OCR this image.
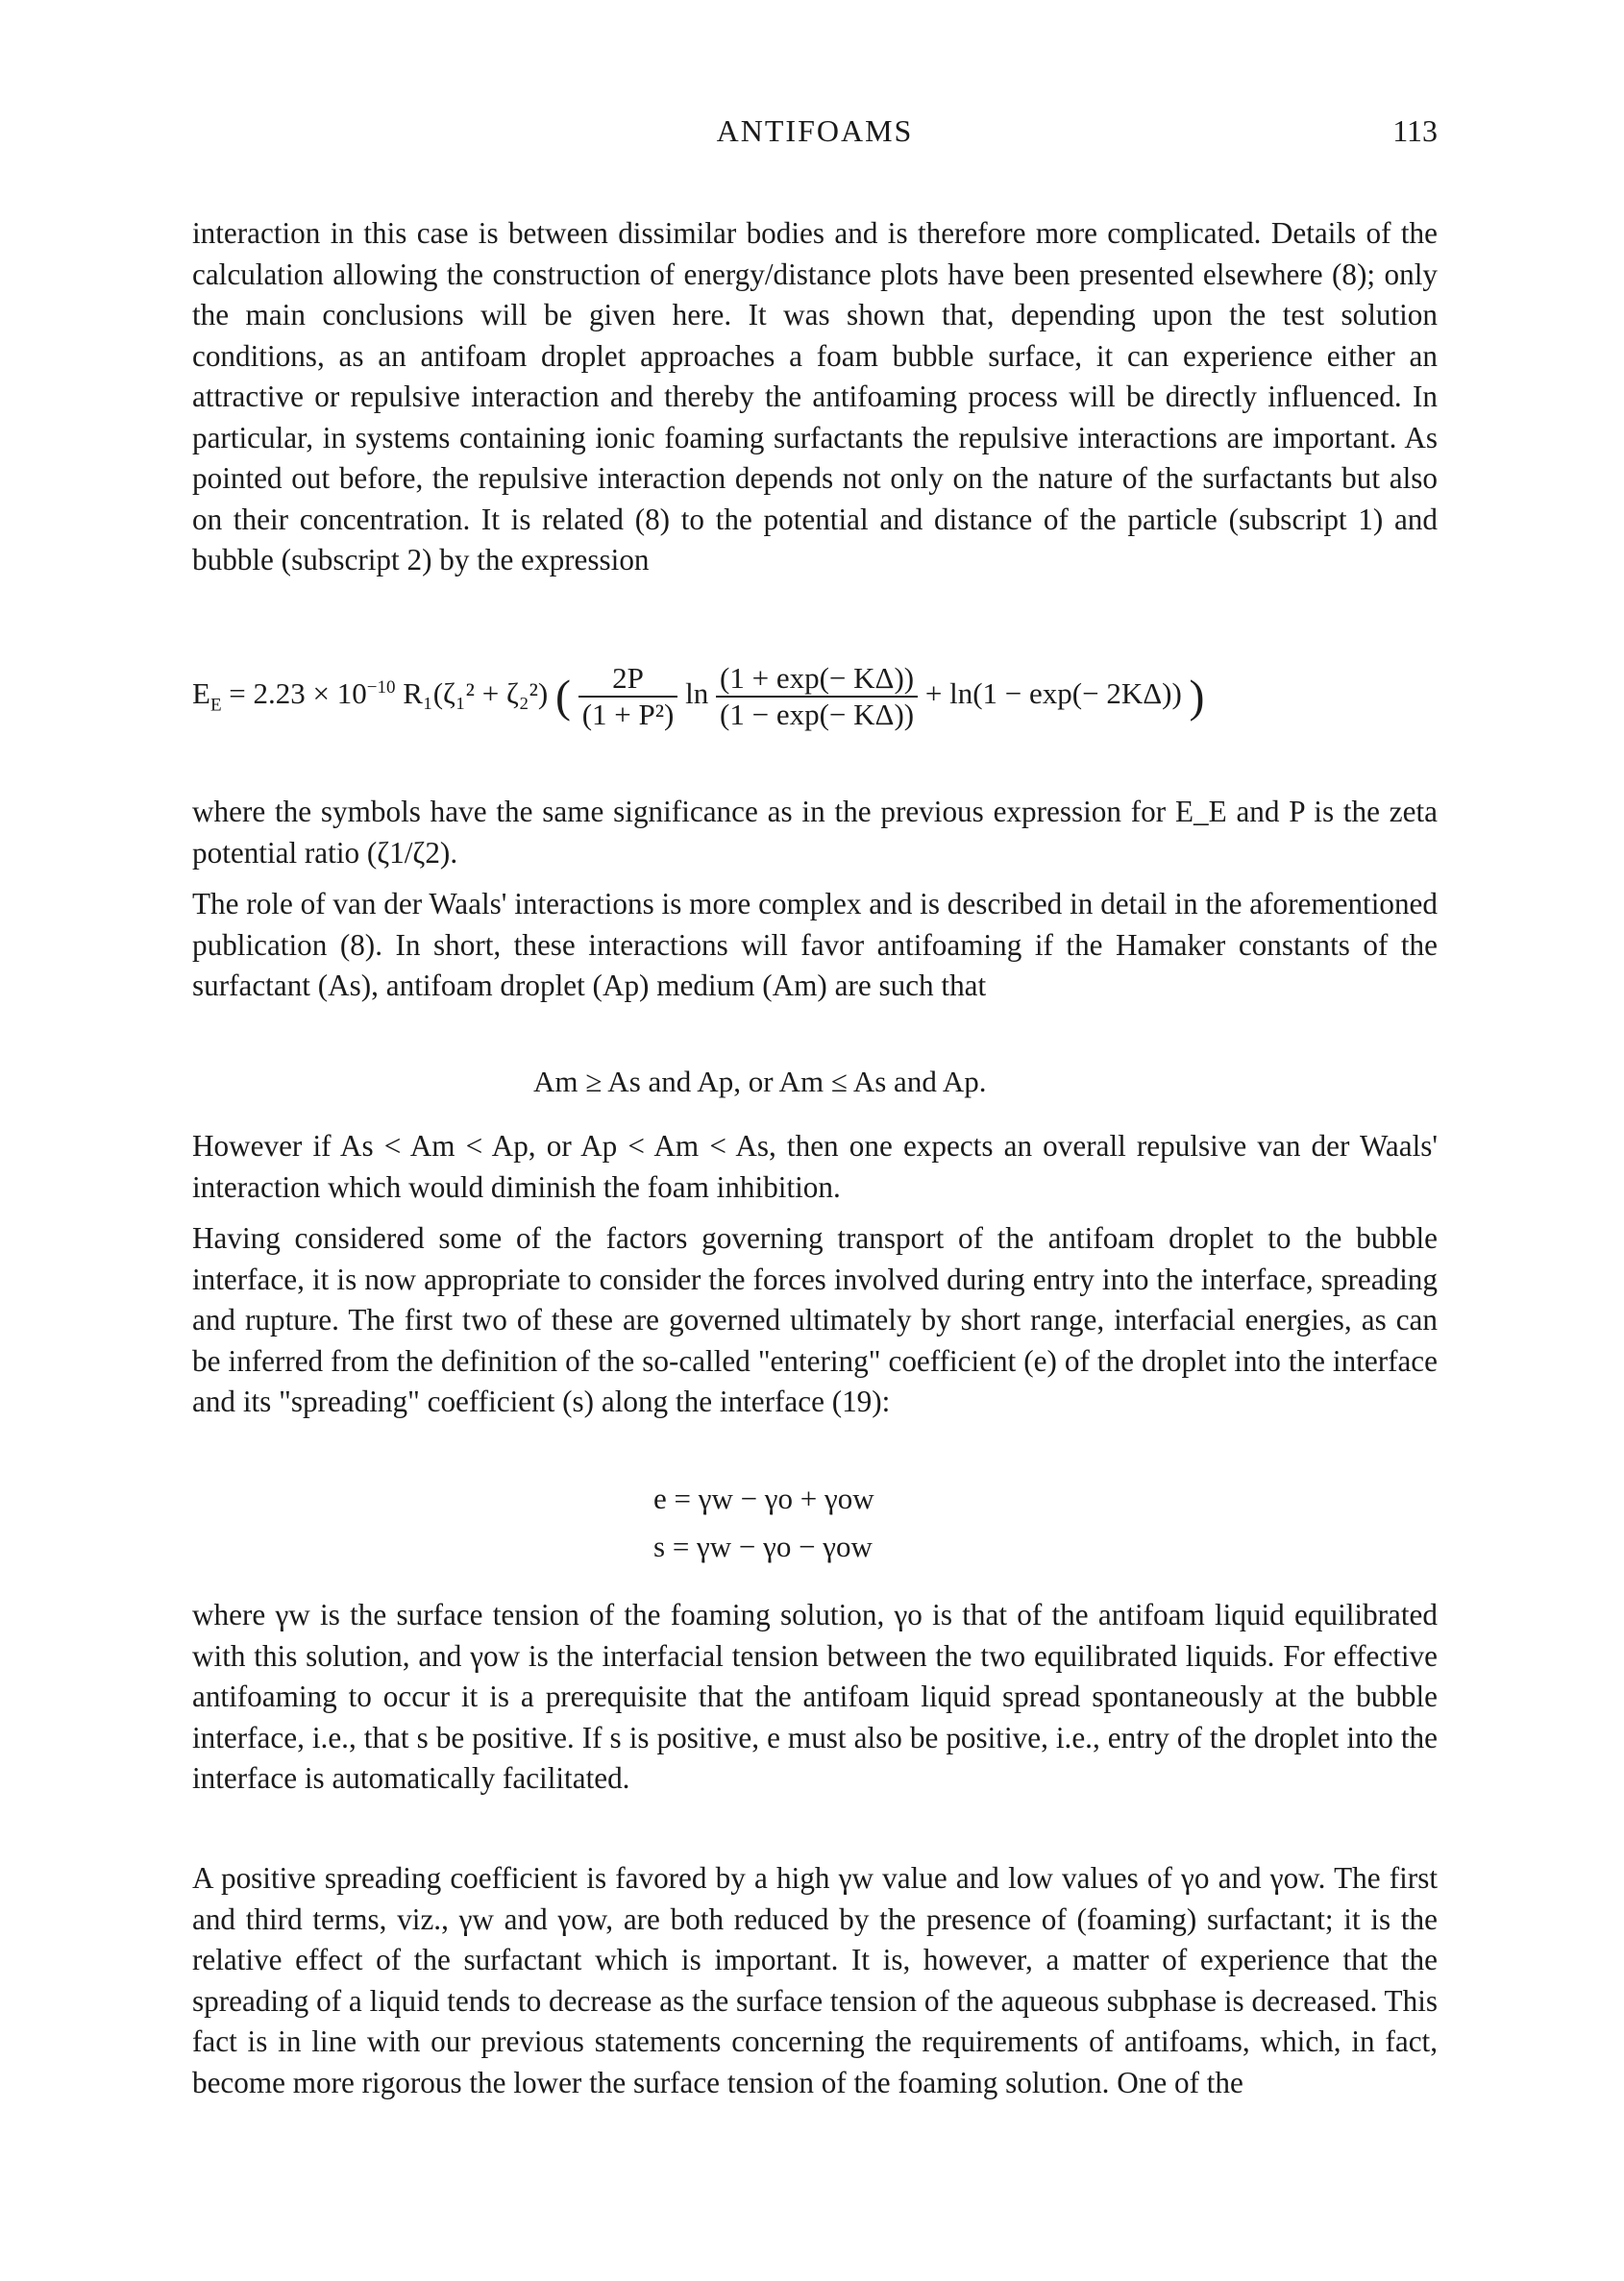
ANTIFOAMS	113

interaction in this case is between dissimilar bodies and is therefore more complicated. Details of the calculation allowing the construction of energy/distance plots have been presented elsewhere (8); only the main conclusions will be given here. It was shown that, depending upon the test solution conditions, as an antifoam droplet approaches a foam bubble surface, it can experience either an attractive or repulsive interaction and thereby the antifoaming process will be directly influenced. In particular, in systems containing ionic foaming surfactants the repulsive interactions are important. As pointed out before, the repulsive interaction depends not only on the nature of the surfactants but also on their concentration. It is related (8) to the potential and distance of the particle (subscript 1) and bubble (subscript 2) by the expression

$E_E = 2.23 \times 10^{-10}$ R₁(ζ₁² + ζ₂²) ( $\frac{2P}{\text{(1 + P²)}}$ $\ln \frac{(1 + \exp(- K\Delta))}{(1 - \exp(- K\Delta))} + \ln(1 - \exp(- 2K\Delta))$ )

where the symbols have the same significance as in the previous expression for E_E and P is the zeta potential ratio (ζ1/ζ2).

The role of van der Waals' interactions is more complex and is described in detail in the aforementioned publication (8). In short, these interactions will favor antifoaming if the Hamaker constants of the surfactant (As), antifoam droplet (Ap) medium (Am) are such that

Am ≥ As and Ap, or Am ≤ As and Ap.

However if As < Am < Ap, or Ap < Am < As, then one expects an overall repulsive van der Waals' interaction which would diminish the foam inhibition.

Having considered some of the factors governing transport of the antifoam droplet to the bubble interface, it is now appropriate to consider the forces involved during entry into the interface, spreading and rupture. The first two of these are governed ultimately by short range, interfacial energies, as can be inferred from the definition of the so-called "entering" coefficient (e) of the droplet into the interface and its "spreading" coefficient (s) along the interface (19):

e = γw − γo + γow
s = γw − γo − γow

where γw is the surface tension of the foaming solution, γo is that of the antifoam liquid equilibrated with this solution, and γow is the interfacial tension between the two equilibrated liquids. For effective antifoaming to occur it is a prerequisite that the antifoam liquid spread spontaneously at the bubble interface, i.e., that s be positive. If s is positive, e must also be positive, i.e., entry of the droplet into the interface is automatically facilitated.

A positive spreading coefficient is favored by a high γw value and low values of γo and γow. The first and third terms, viz., γw and γow, are both reduced by the presence of (foaming) surfactant; it is the relative effect of the surfactant which is important. It is, however, a matter of experience that the spreading of a liquid tends to decrease as the surface tension of the aqueous subphase is decreased. This fact is in line with our previous statements concerning the requirements of antifoams, which, in fact, become more rigorous the lower the surface tension of the foaming solution. One of the
